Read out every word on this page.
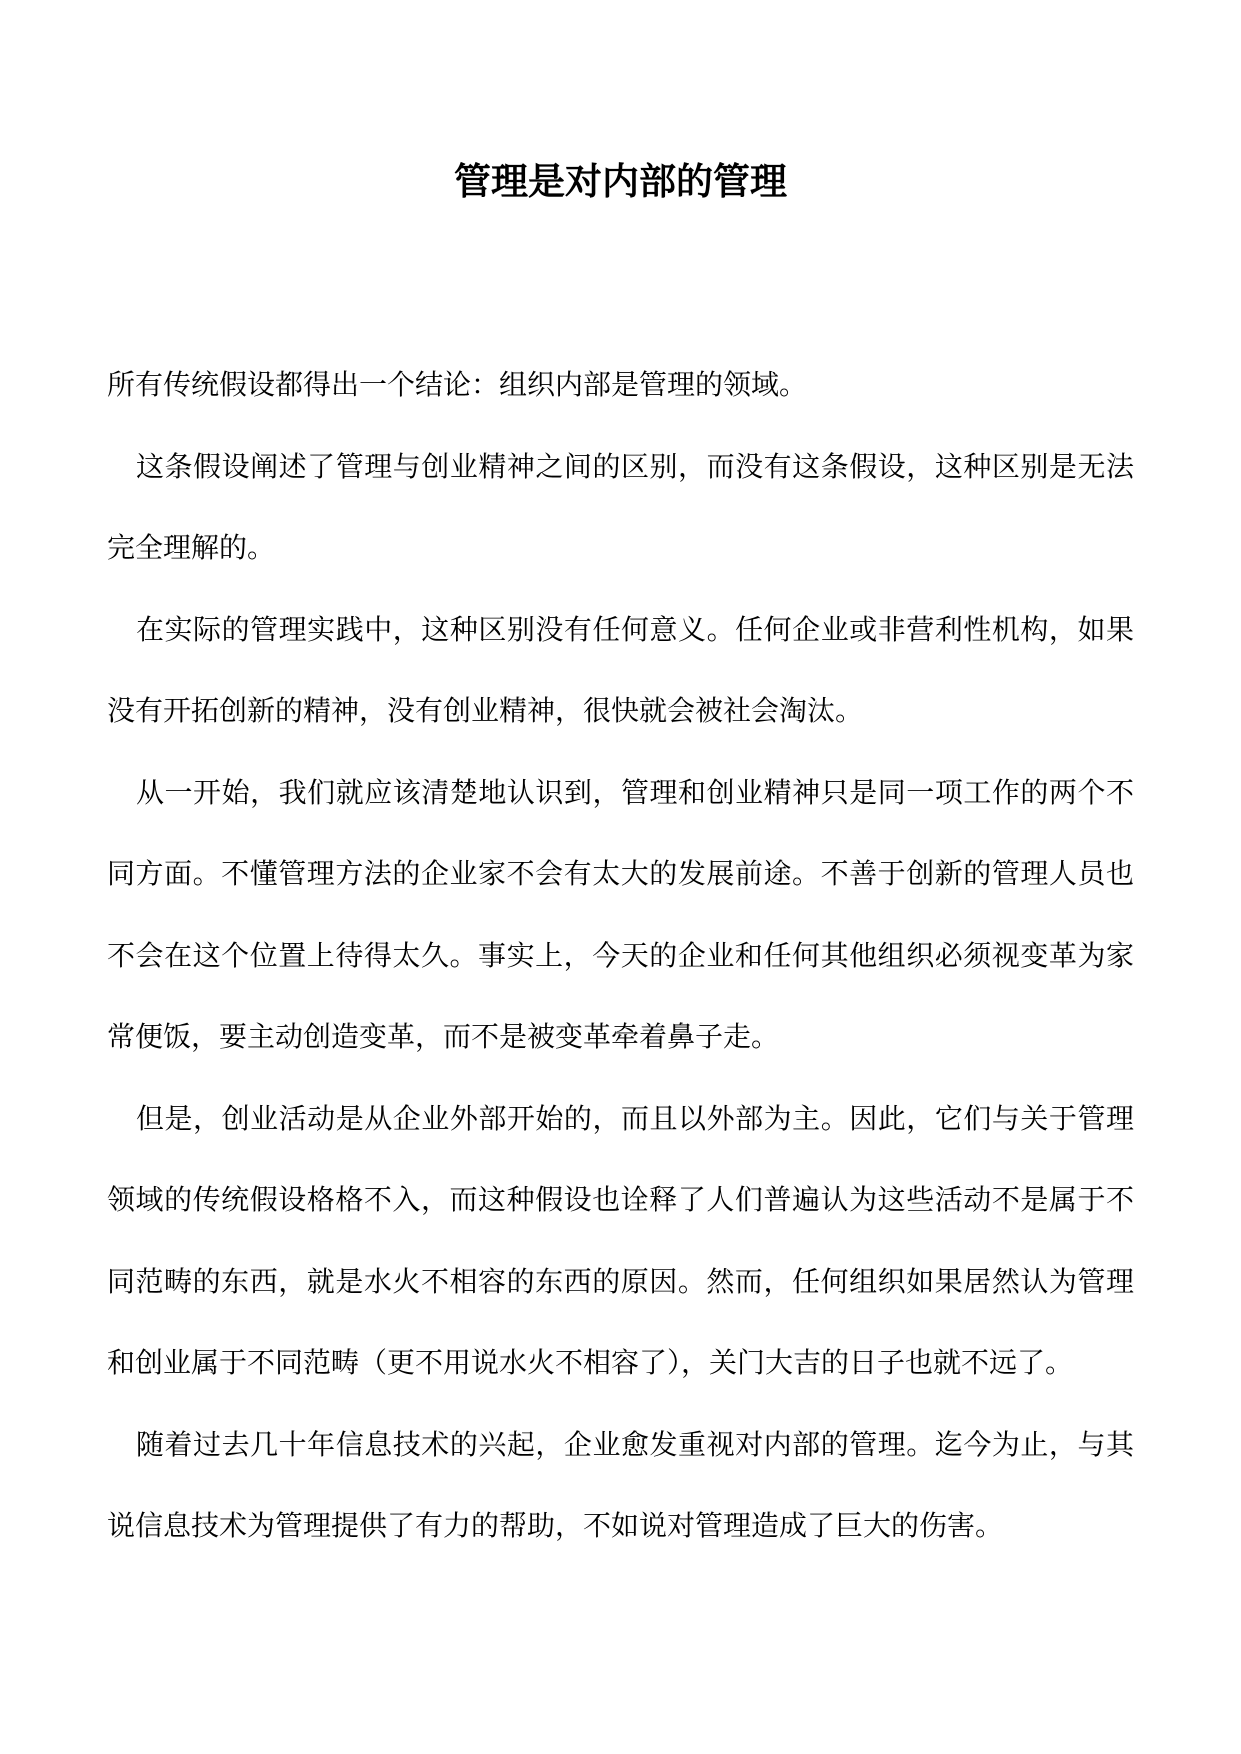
管理是对内部的管理

所有传统假设都得出一个结论：组织内部是管理的领域。

这条假设阐述了管理与创业精神之间的区别，而没有这条假设，这种区别是无法完全理解的。

在实际的管理实践中，这种区别没有任何意义。任何企业或非营利性机构，如果没有开拓创新的精神，没有创业精神，很快就会被社会淘汰。

从一开始，我们就应该清楚地认识到，管理和创业精神只是同一项工作的两个不同方面。不懂管理方法的企业家不会有太大的发展前途。不善于创新的管理人员也不会在这个位置上待得太久。事实上，今天的企业和任何其他组织必须视变革为家常便饭，要主动创造变革，而不是被变革牵着鼻子走。

但是，创业活动是从企业外部开始的，而且以外部为主。因此，它们与关于管理领域的传统假设格格不入，而这种假设也诠释了人们普遍认为这些活动不是属于不同范畴的东西，就是水火不相容的东西的原因。然而，任何组织如果居然认为管理和创业属于不同范畴（更不用说水火不相容了），关门大吉的日子也就不远了。

随着过去几十年信息技术的兴起，企业愈发重视对内部的管理。迄今为止，与其说信息技术为管理提供了有力的帮助，不如说对管理造成了巨大的伤害。
